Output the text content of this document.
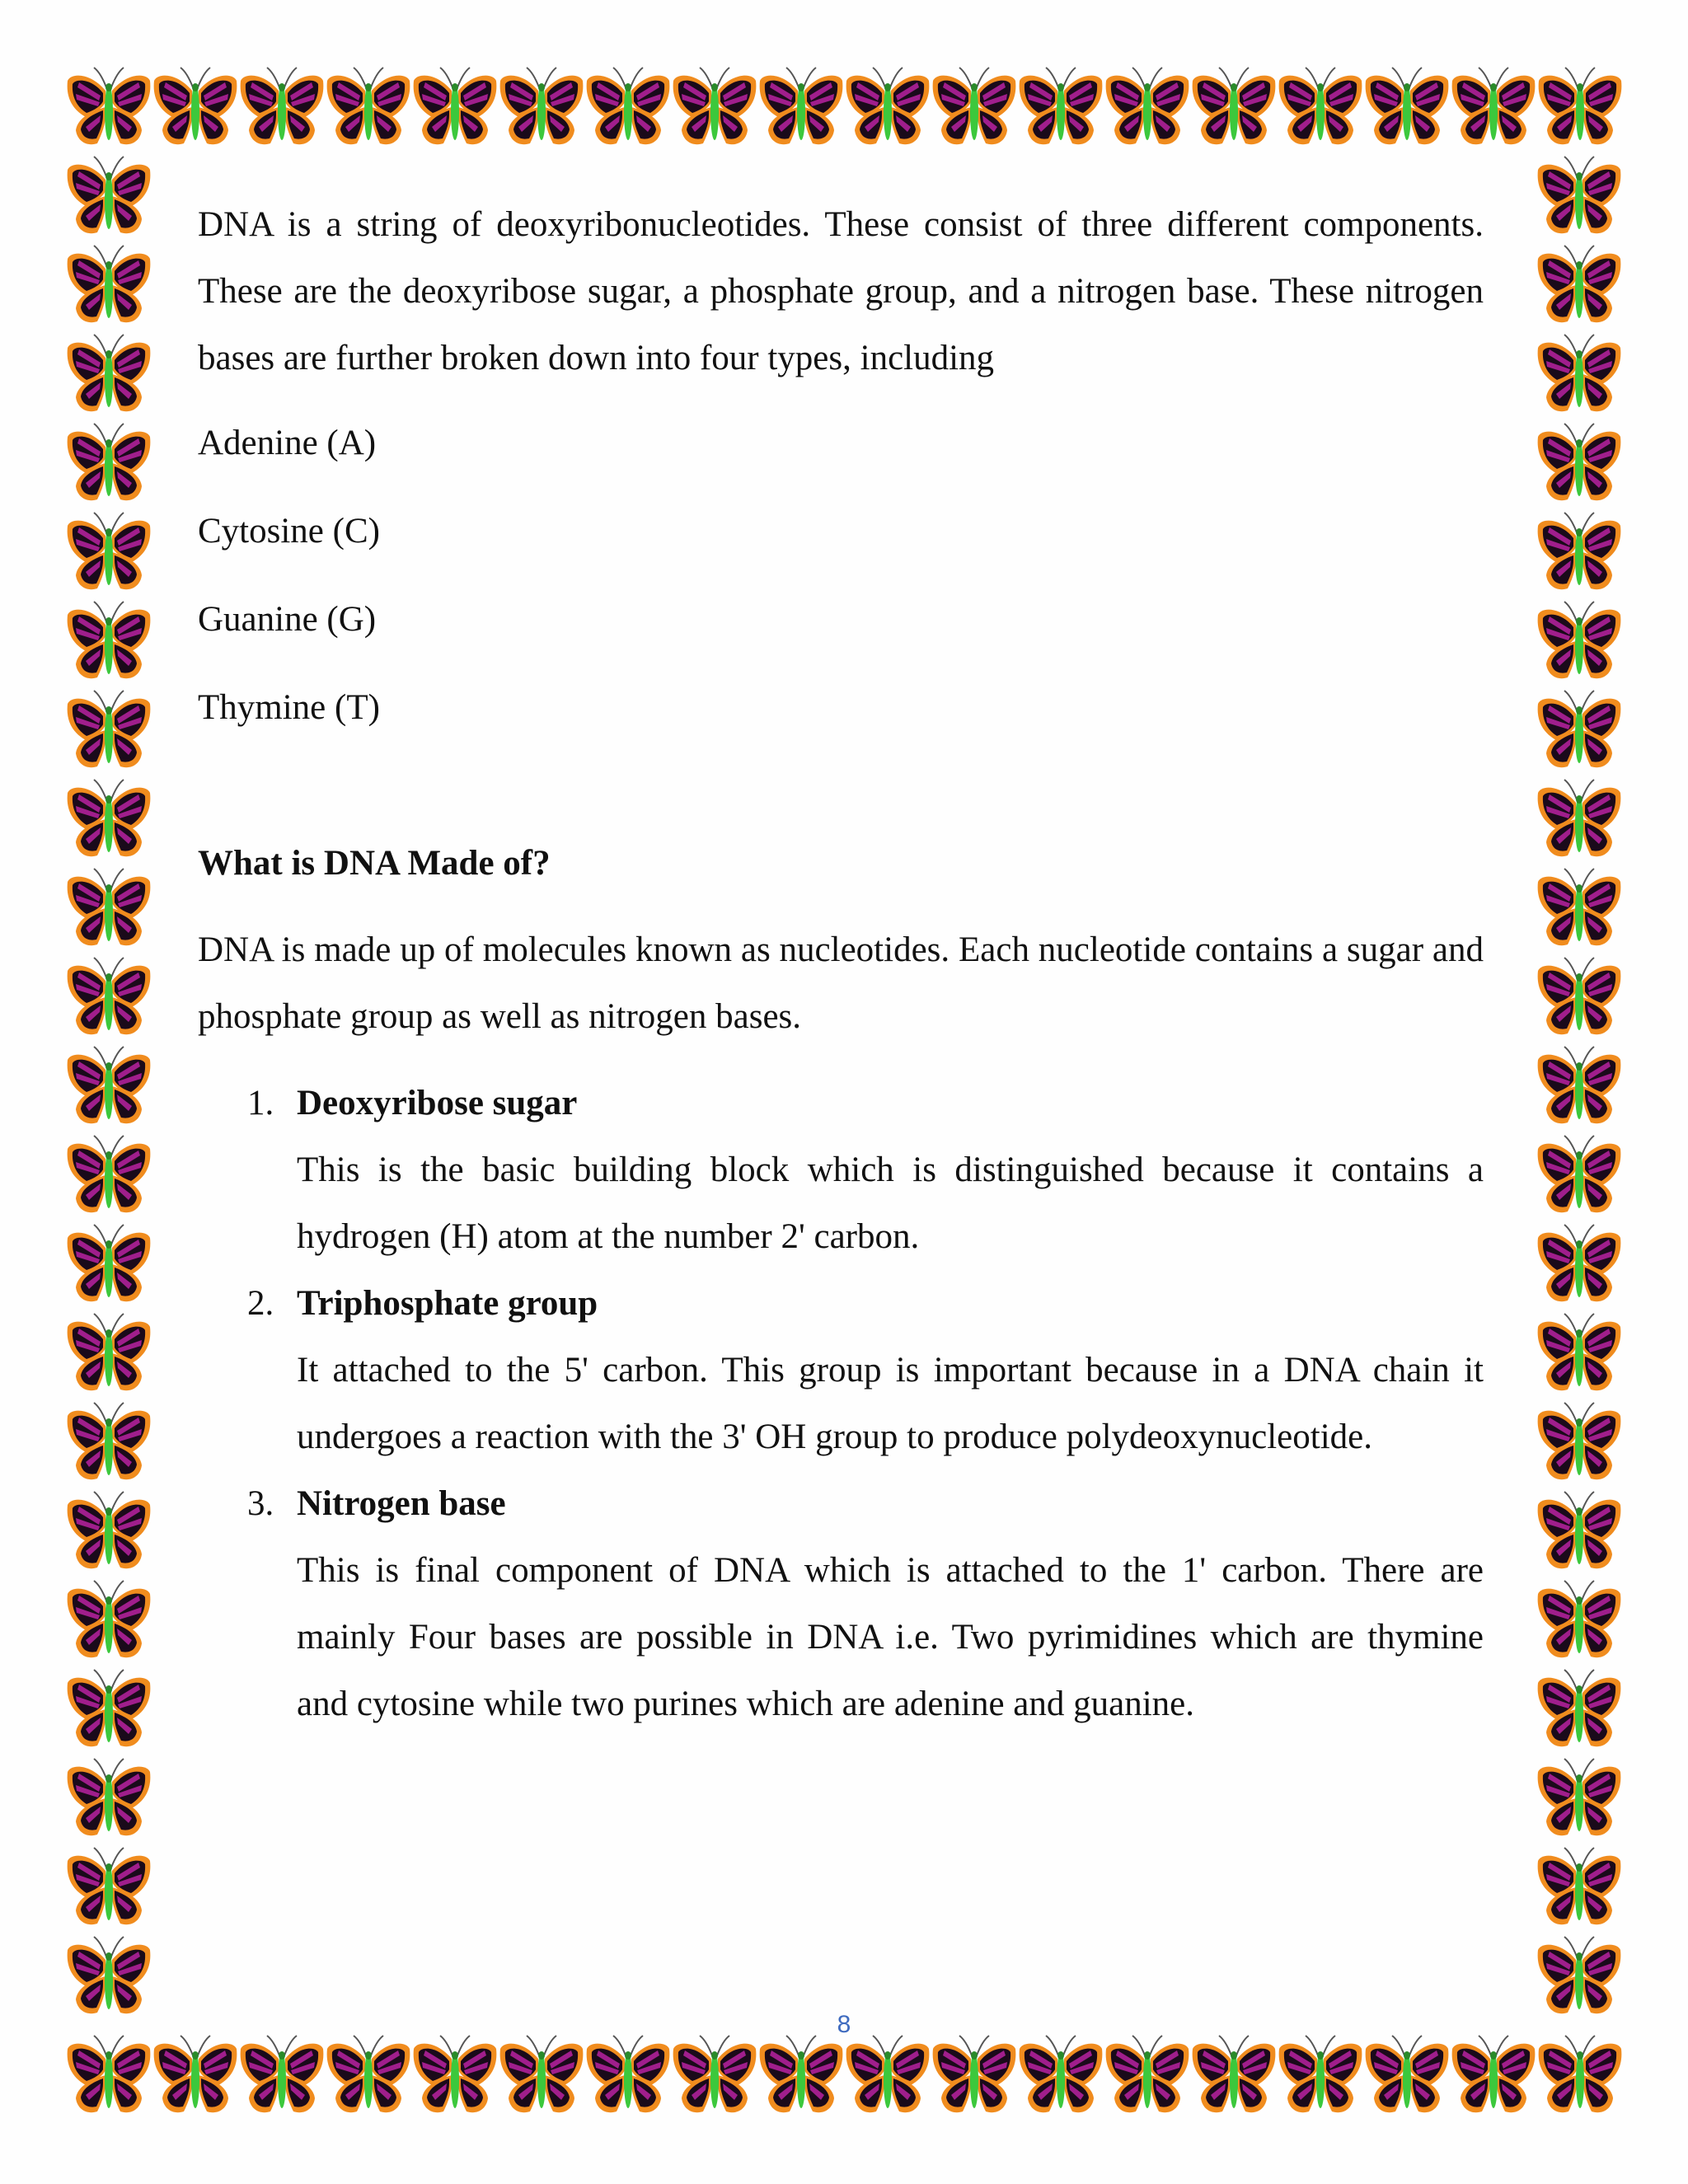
DNA is a string of deoxyribonucleotides. These consist of three different components. These are the deoxyribose sugar, a phosphate group, and a nitrogen base. These nitrogen bases are further broken down into four types, including

Adenine (A)

Cytosine (C)

Guanine (G)

Thymine (T)

What is DNA Made of?

DNA is made up of molecules known as nucleotides. Each nucleotide contains a sugar and phosphate group as well as nitrogen bases.

1. Deoxyribose sugar
This is the basic building block which is distinguished because it contains a hydrogen (H) atom at the number 2' carbon.
2. Triphosphate group
It attached to the 5' carbon. This group is important because in a DNA chain it undergoes a reaction with the 3' OH group to produce polydeoxynucleotide.
3. Nitrogen base
This is final component of DNA which is attached to the 1' carbon. There are mainly Four bases are possible in DNA i.e. Two pyrimidines which are thymine and cytosine while two purines which are adenine and guanine.
8
